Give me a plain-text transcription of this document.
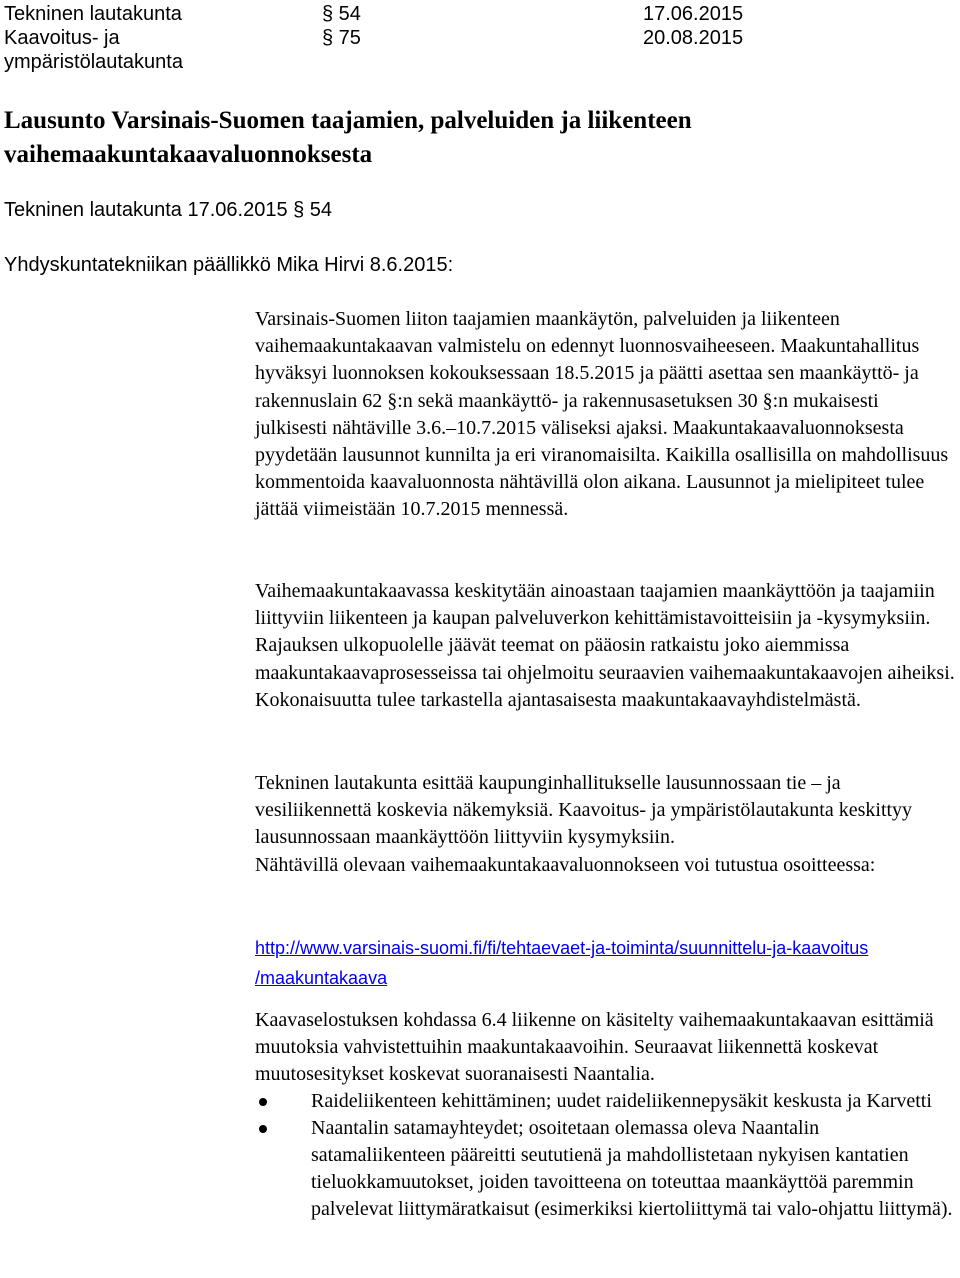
Tekninen lautakunta	§ 54	17.06.2015
Kaavoitus- ja	§ 75	20.08.2015
ympäristölautakunta
Lausunto Varsinais-Suomen taajamien, palveluiden ja liikenteen
vaihemaakuntakaavaluonnoksesta
Tekninen lautakunta 17.06.2015 § 54
Yhdyskuntatekniikan päällikkö Mika Hirvi 8.6.2015:

Varsinais-Suomen liiton taajamien maankäytön, palveluiden ja liikenteen vaihemaakuntakaavan valmistelu on edennyt luonnosvaiheeseen. Maakuntahallitus hyväksyi luonnoksen kokouksessaan 18.5.2015 ja päätti asettaa sen maankäyttö- ja rakennuslain 62 §:n sekä maankäyttö- ja rakennusasetuksen 30 §:n mukaisesti julkisesti nähtäville 3.6.–10.7.2015 väliseksi ajaksi. Maakuntakaavaluonnoksesta pyydetään lausunnot kunnilta ja eri viranomaisilta. Kaikilla osallisilla on mahdollisuus kommentoida kaavaluonnosta nähtävillä olon aikana. Lausunnot ja mielipiteet tulee jättää viimeistään 10.7.2015 mennessä.

Vaihemaakuntakaavassa keskitytään ainoastaan taajamien maankäyttöön ja taajamiin liittyviin liikenteen ja kaupan palveluverkon kehittämistavoitteisiin ja -kysymyksiin. Rajauksen ulkopuolelle jäävät teemat on pääosin ratkaistu joko aiemmissa maakuntakaavaprosesseissa tai ohjelmoitu seuraavien vaihemaakuntakaavojen aiheiksi. Kokonaisuutta tulee tarkastella ajantasaisesta maakuntakaavayhdistelmästä.

Tekninen lautakunta esittää kaupunginhallitukselle lausunnossaan tie – ja vesiliikennettä koskevia näkemyksiä. Kaavoitus- ja ympäristölautakunta keskittyy lausunnossaan maankäyttöön liittyviin kysymyksiin.

Nähtävillä olevaan vaihemaakuntakaavaluonnokseen voi tutustua osoitteessa:

http://www.varsinais-suomi.fi/fi/tehtaevaet-ja-toiminta/suunnittelu-ja-kaavoitus
/maakuntakaava

Kaavaselostuksen kohdassa 6.4 liikenne on käsitelty vaihemaakuntakaavan esittämiä muutoksia vahvistettuihin maakuntakaavoihin. Seuraavat liikennettä koskevat muutosesitykset koskevat suoranaisesti Naantalia.

Raideliikenteen kehittäminen; uudet raideliikennepysäkit keskusta ja Karvetti
Naantalin satamayhteydet; osoitetaan olemassa oleva Naantalin satamaliikenteen pääreitti seututienä ja mahdollistetaan nykyisen kantatien tieluokkamuutokset, joiden tavoitteena on toteuttaa maankäyttöä paremmin palvelevat liittymäratkaisut (esimerkiksi kiertoliittymä tai valo-ohjattu liittymä).
